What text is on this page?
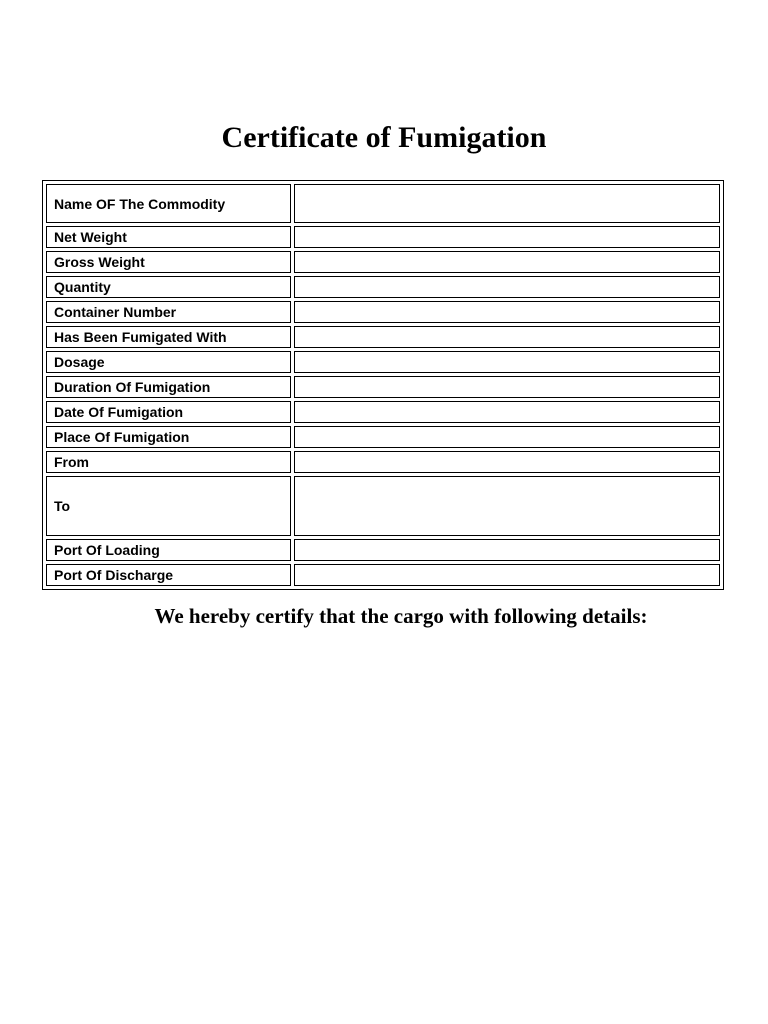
Certificate of Fumigation
Name OF The Commodity	
Net Weight	
Gross Weight	
Quantity	
Container Number	
Has Been Fumigated With	
Dosage	
Duration Of Fumigation	
Date Of Fumigation	
Place Of Fumigation	
From	
To	
Port Of Loading	
Port Of Discharge	
We hereby certify that the cargo with following details:
